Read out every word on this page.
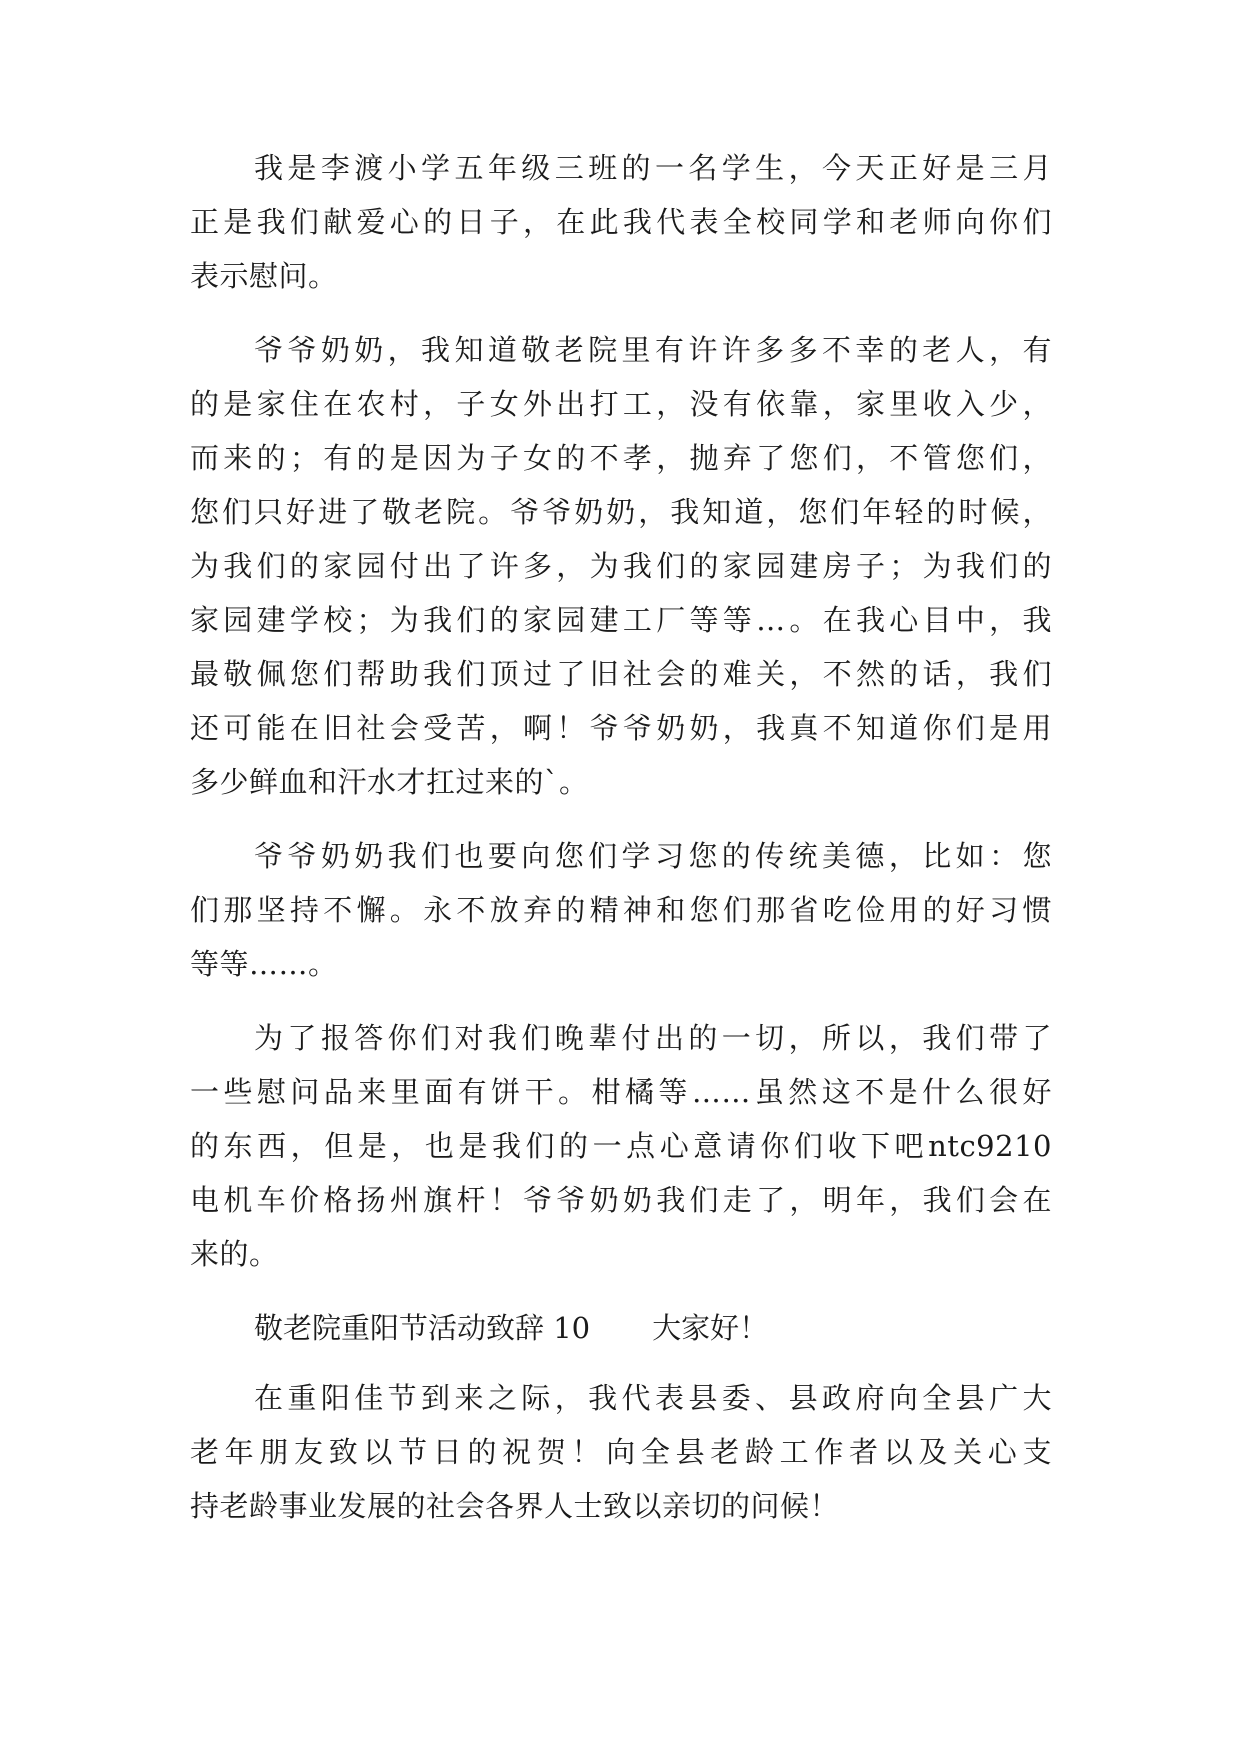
我是李渡小学五年级三班的一名学生，今天正好是三月
正是我们献爱心的日子，在此我代表全校同学和老师向你们
表示慰问。
爷爷奶奶，我知道敬老院里有许许多多不幸的老人，有
的是家住在农村，子女外出打工，没有依靠，家里收入少，
而来的；有的是因为子女的不孝，抛弃了您们，不管您们，
您们只好进了敬老院。爷爷奶奶，我知道，您们年轻的时候，
为我们的家园付出了许多，为我们的家园建房子；为我们的
家园建学校；为我们的家园建工厂等等…。在我心目中，我
最敬佩您们帮助我们顶过了旧社会的难关，不然的话，我们
还可能在旧社会受苦，啊！爷爷奶奶，我真不知道你们是用
多少鲜血和汗水才扛过来的`。
爷爷奶奶我们也要向您们学习您的传统美德，比如：您
们那坚持不懈。永不放弃的精神和您们那省吃俭用的好习惯
等等……。
为了报答你们对我们晚辈付出的一切，所以，我们带了
一些慰问品来里面有饼干。柑橘等……虽然这不是什么很好
的东西，但是，也是我们的一点心意请你们收下吧ntc9210
电机车价格扬州旗杆！爷爷奶奶我们走了，明年，我们会在
来的。
敬老院重阳节活动致辞 10 大家好！
在重阳佳节到来之际，我代表县委、县政府向全县广大
老年朋友致以节日的祝贺！向全县老龄工作者以及关心支
持老龄事业发展的社会各界人士致以亲切的问候！
